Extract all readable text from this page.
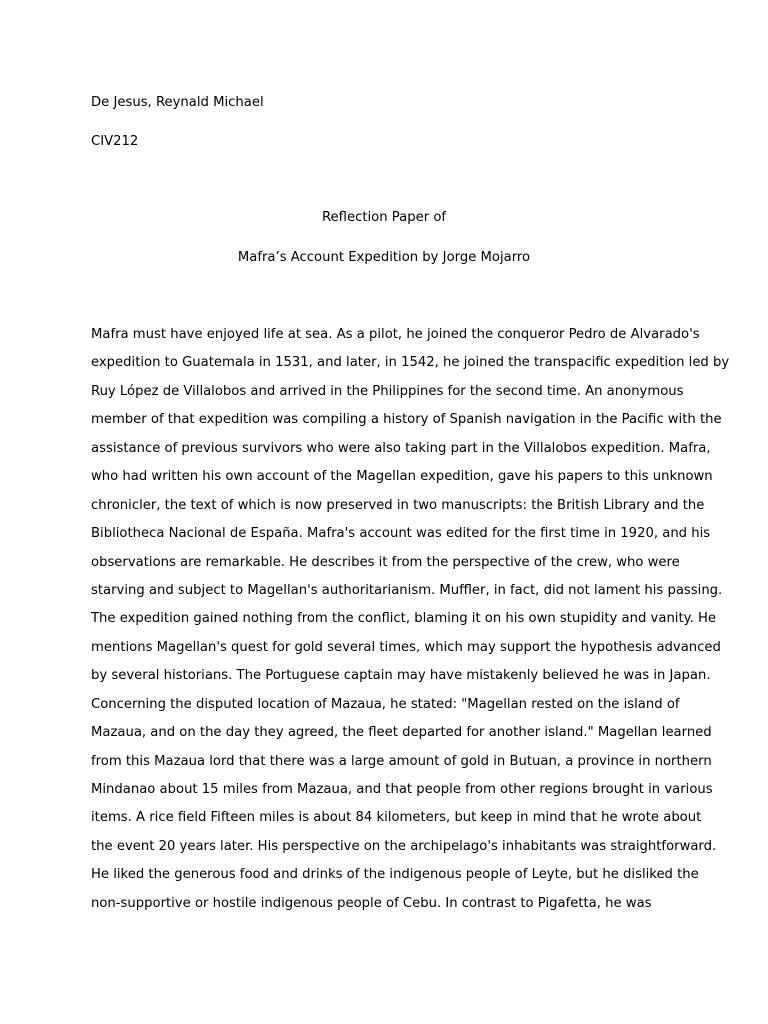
De Jesus, Reynald Michael

CIV212

Reflection Paper of

Mafra’s Account Expedition by Jorge Mojarro

Mafra must have enjoyed life at sea. As a pilot, he joined the conqueror Pedro de Alvarado's
expedition to Guatemala in 1531, and later, in 1542, he joined the transpacific expedition led by
Ruy López de Villalobos and arrived in the Philippines for the second time. An anonymous
member of that expedition was compiling a history of Spanish navigation in the Pacific with the
assistance of previous survivors who were also taking part in the Villalobos expedition. Mafra,
who had written his own account of the Magellan expedition, gave his papers to this unknown
chronicler, the text of which is now preserved in two manuscripts: the British Library and the
Bibliotheca Nacional de España. Mafra's account was edited for the first time in 1920, and his
observations are remarkable. He describes it from the perspective of the crew, who were
starving and subject to Magellan's authoritarianism. Muffler, in fact, did not lament his passing.
The expedition gained nothing from the conflict, blaming it on his own stupidity and vanity. He
mentions Magellan's quest for gold several times, which may support the hypothesis advanced
by several historians. The Portuguese captain may have mistakenly believed he was in Japan.
Concerning the disputed location of Mazaua, he stated: "Magellan rested on the island of
Mazaua, and on the day they agreed, the fleet departed for another island." Magellan learned
from this Mazaua lord that there was a large amount of gold in Butuan, a province in northern
Mindanao about 15 miles from Mazaua, and that people from other regions brought in various
items. A rice field Fifteen miles is about 84 kilometers, but keep in mind that he wrote about
the event 20 years later. His perspective on the archipelago's inhabitants was straightforward.
He liked the generous food and drinks of the indigenous people of Leyte, but he disliked the
non-supportive or hostile indigenous people of Cebu. In contrast to Pigafetta, he was
